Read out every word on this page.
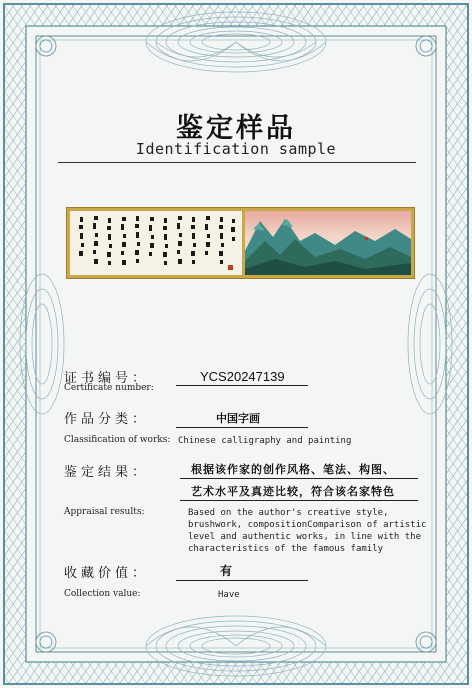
鉴定样品
Identification sample
证书编号：
Certificate number:
YCS20247139
作品分类：	中国字画
Classification of works: Chinese calligraphy and painting
鉴定结果：	根据该作家的创作风格、笔法、构图、
艺术水平及真迹比较，符合该名家特色
Appraisal results:	Based on the author's creative style,
brushwork, compositionComparison of artistic
level and authentic works, in line with the
characteristics of the famous family
收藏价值：	有
Collection value:	Have
